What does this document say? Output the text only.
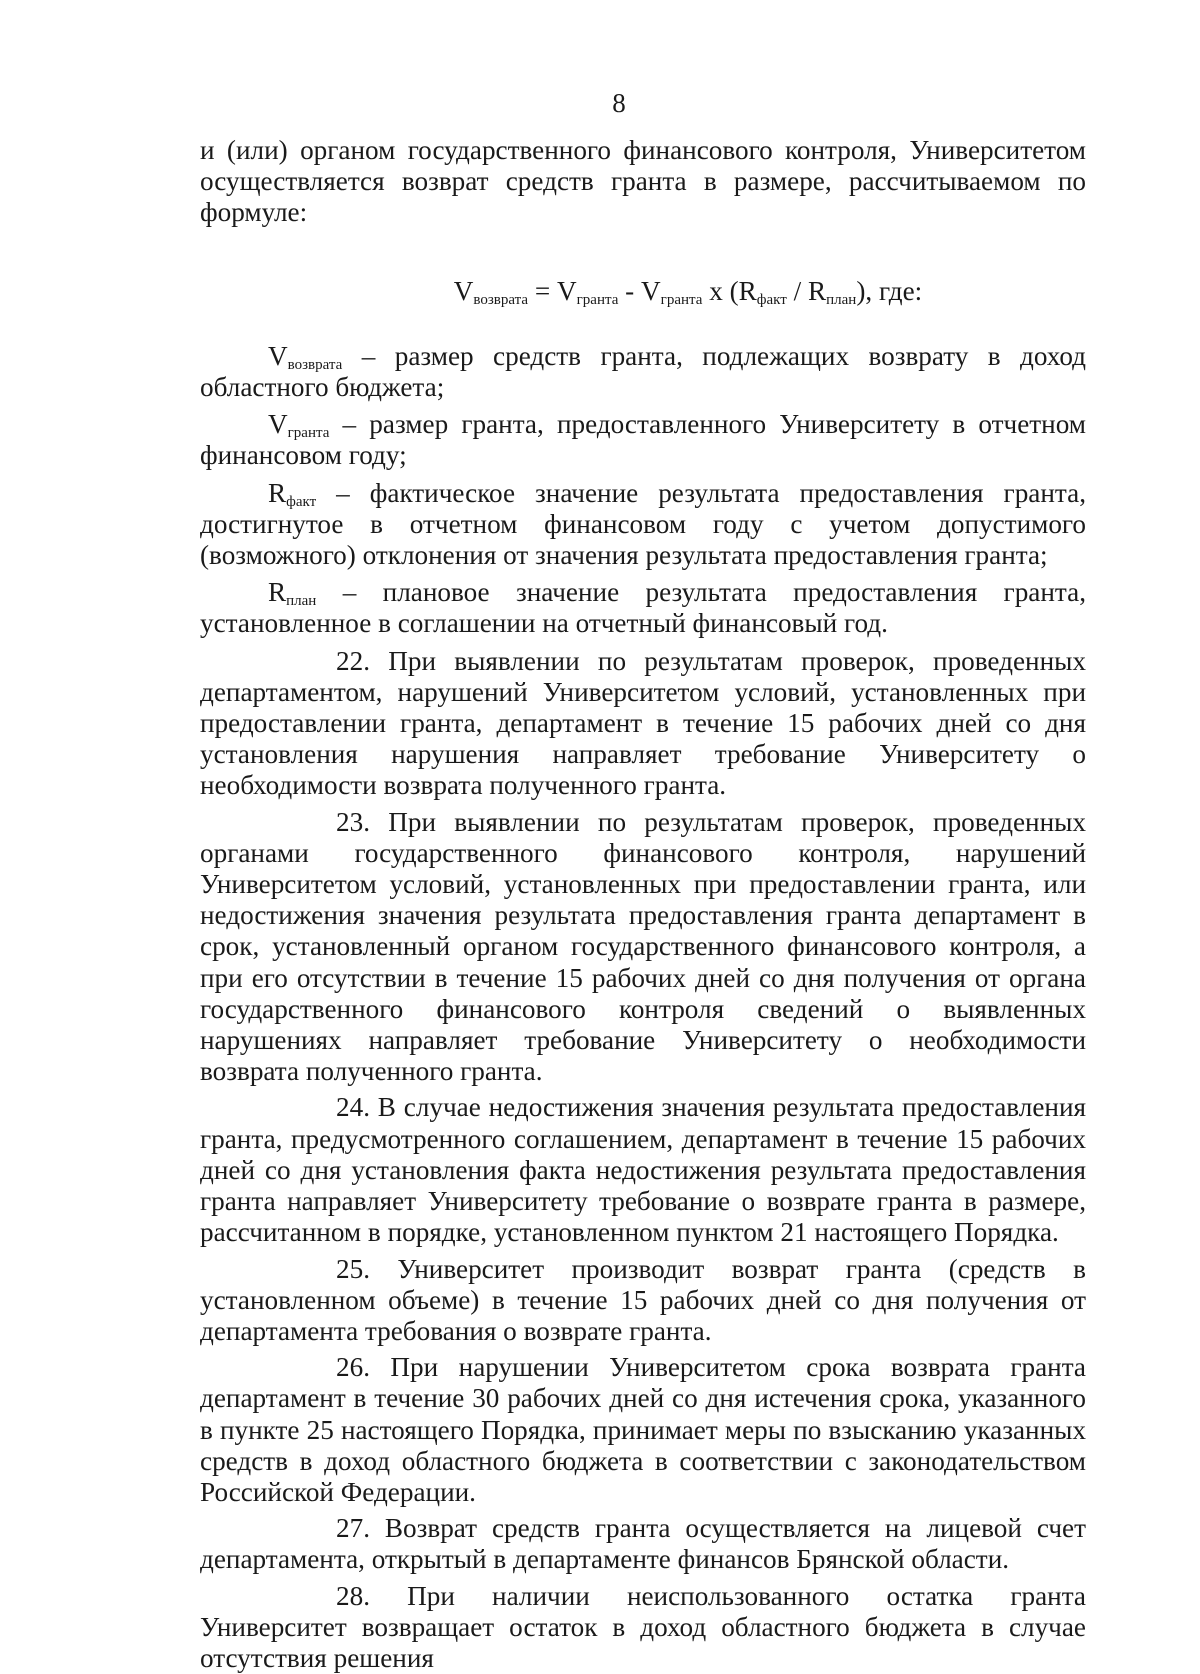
8

и (или) органом государственного финансового контроля, Университетом осуществляется возврат средств гранта в размере, рассчитываемом по формуле:

$V_{возврата} = V_{гранта} - V_{гранта}$ х $(R_{факт} / R_{план})$, где:

$V_{возврата}$ – размер средств гранта, подлежащих возврату в доход областного бюджета;

$V_{гранта}$ – размер гранта, предоставленного Университету в отчетном финансовом году;

$R_{факт}$ – фактическое значение результата предоставления гранта, достигнутое в отчетном финансовом году с учетом допустимого (возможного) отклонения от значения результата предоставления гранта;

$R_{план}$ – плановое значение результата предоставления гранта, установленное в соглашении на отчетный финансовый год.

22. При выявлении по результатам проверок, проведенных департаментом, нарушений Университетом условий, установленных при предоставлении гранта, департамент в течение 15 рабочих дней со дня установления нарушения направляет требование Университету о необходимости возврата полученного гранта.

23. При выявлении по результатам проверок, проведенных органами государственного финансового контроля, нарушений Университетом условий, установленных при предоставлении гранта, или недостижения значения результата предоставления гранта департамент в срок, установленный органом государственного финансового контроля, а при его отсутствии в течение 15 рабочих дней со дня получения от органа государственного финансового контроля сведений о выявленных нарушениях направляет требование Университету о необходимости возврата полученного гранта.

24. В случае недостижения значения результата предоставления гранта, предусмотренного соглашением, департамент в течение 15 рабочих дней со дня установления факта недостижения результата предоставления гранта направляет Университету требование о возврате гранта в размере, рассчитанном в порядке, установленном пунктом 21 настоящего Порядка.

25. Университет производит возврат гранта (средств в установленном объеме) в течение 15 рабочих дней со дня получения от департамента требования о возврате гранта.

26. При нарушении Университетом срока возврата гранта департамент в течение 30 рабочих дней со дня истечения срока, указанного в пункте 25 настоящего Порядка, принимает меры по взысканию указанных средств в доход областного бюджета в соответствии с законодательством Российской Федерации.

27. Возврат средств гранта осуществляется на лицевой счет департамента, открытый в департаменте финансов Брянской области.

28. При наличии неиспользованного остатка гранта Университет возвращает остаток в доход областного бюджета в случае отсутствия решения
